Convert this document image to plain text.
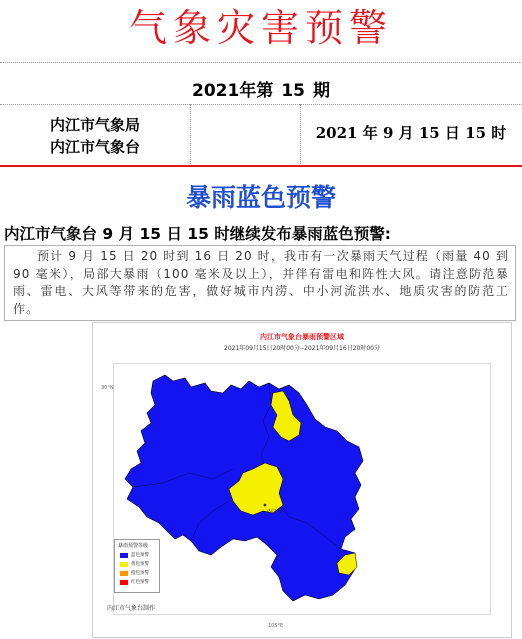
气象灾害预警
2021年第 15 期
内江市气象局
内江市气象台
2021 年 9 月 15 日 15 时
暴雨蓝色预警
内江市气象台 9 月 15 日 15 时继续发布暴雨蓝色预警:
预计 9 月 15 日 20 时到 16 日 20 时，我市有一次暴雨天气过程（雨量 40 到 90 毫米），局部大暴雨（100 毫米及以上），并伴有雷电和阵性大风。请注意防范暴雨、雷电、大风等带来的危害，做好城市内涝、中小河流洪水、地质灾害的防范工作。
内江市气象台暴雨预警区域
2021年09月15日20时00分--2021年09月16日20时00分
30°N
105°E
内江市
暴雨预警等级
蓝色预警
黄色预警
橙色预警
红色预警
内江市气象台制作
